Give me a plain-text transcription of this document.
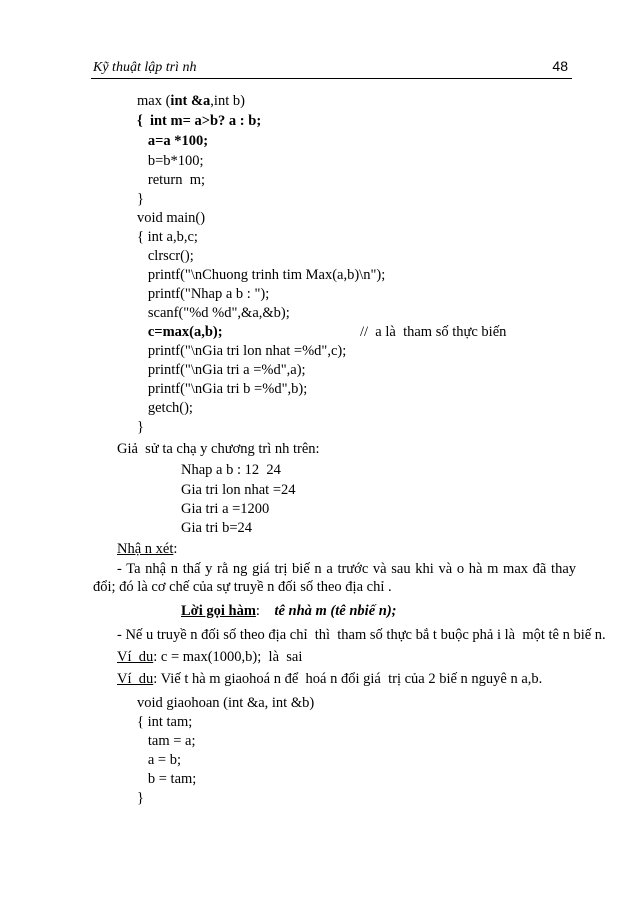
Kỹ thuật lập trì nh	48
max (int &a,int b)
{  int m= a>b? a : b;
a=a *100;
b=b*100;
return  m;
}
void main()
{ int a,b,c;
clrscr();
printf("\nChuong trinh tim Max(a,b)\n");
printf("Nhap a b : ");
scanf("%d %d",&a,&b);
c=max(a,b);	//  a là  tham số thực biến
printf("\nGia tri lon nhat =%d",c);
printf("\nGia tri a =%d",a);
printf("\nGia tri b =%d",b);
getch();
}
Giả  sử ta chạ y chương trì nh trên:
Nhap a b : 12  24
Gia tri lon nhat =24
Gia tri a =1200
Gia tri b=24
Nhậ n xét:
- Ta nhậ n thấ y rằ ng giá trị biế n a trước và sau khi và o hà m max đã thay đổi; đó là cơ chế của sự truyề n đối số theo địa chỉ .
Lời gọi hàm:    tê nhà m (tê nbiế n);
- Nế u truyề n đối số theo địa chỉ  thì  tham số thực bắ t buộc phả i là  một tê n biế n.
Ví  du: c = max(1000,b);  là  sai
Ví  du: Viế t hà m giaohoá n để  hoá n đổi giá  trị của 2 biế n nguyê n a,b.
void giaohoan (int &a, int &b)
{ int tam;
tam = a;
a = b;
b = tam;
}
